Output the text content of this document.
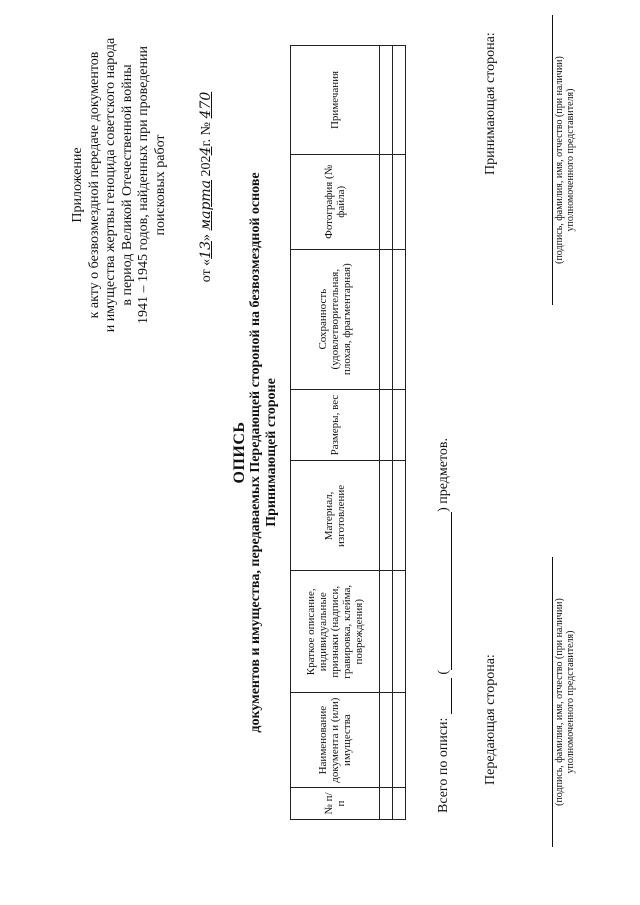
Приложение к акту о безвозмездной передаче документов и имущества жертвы геноцида советского народа в период Великой Отечественной войны 1941 – 1945 годов, найденных при проведении поисковых работ
от «13» марта 2024г. № 470
ОПИСЬ документов и имущества, передаваемых Передающей стороной на безвозмездной основе Принимающей стороне
№ п/п	Наименование документа и (или) имущества	Краткое описание, индивидуальные признаки (надписи, гравировка, клейма, повреждения)	Материал, изготовление	Размеры, вес	Сохранность (удовлетворительная, плохая, фрагментарная)	Фотография (№ файла)	Примечания

Всего по описи:  () предметов.
Передающая сторона:	(подпись, фамилия, имя, отчество (при наличии) уполномоченного представителя)
Принимающая сторона:	(подпись, фамилия, имя, отчество (при наличии) уполномоченного представителя)
